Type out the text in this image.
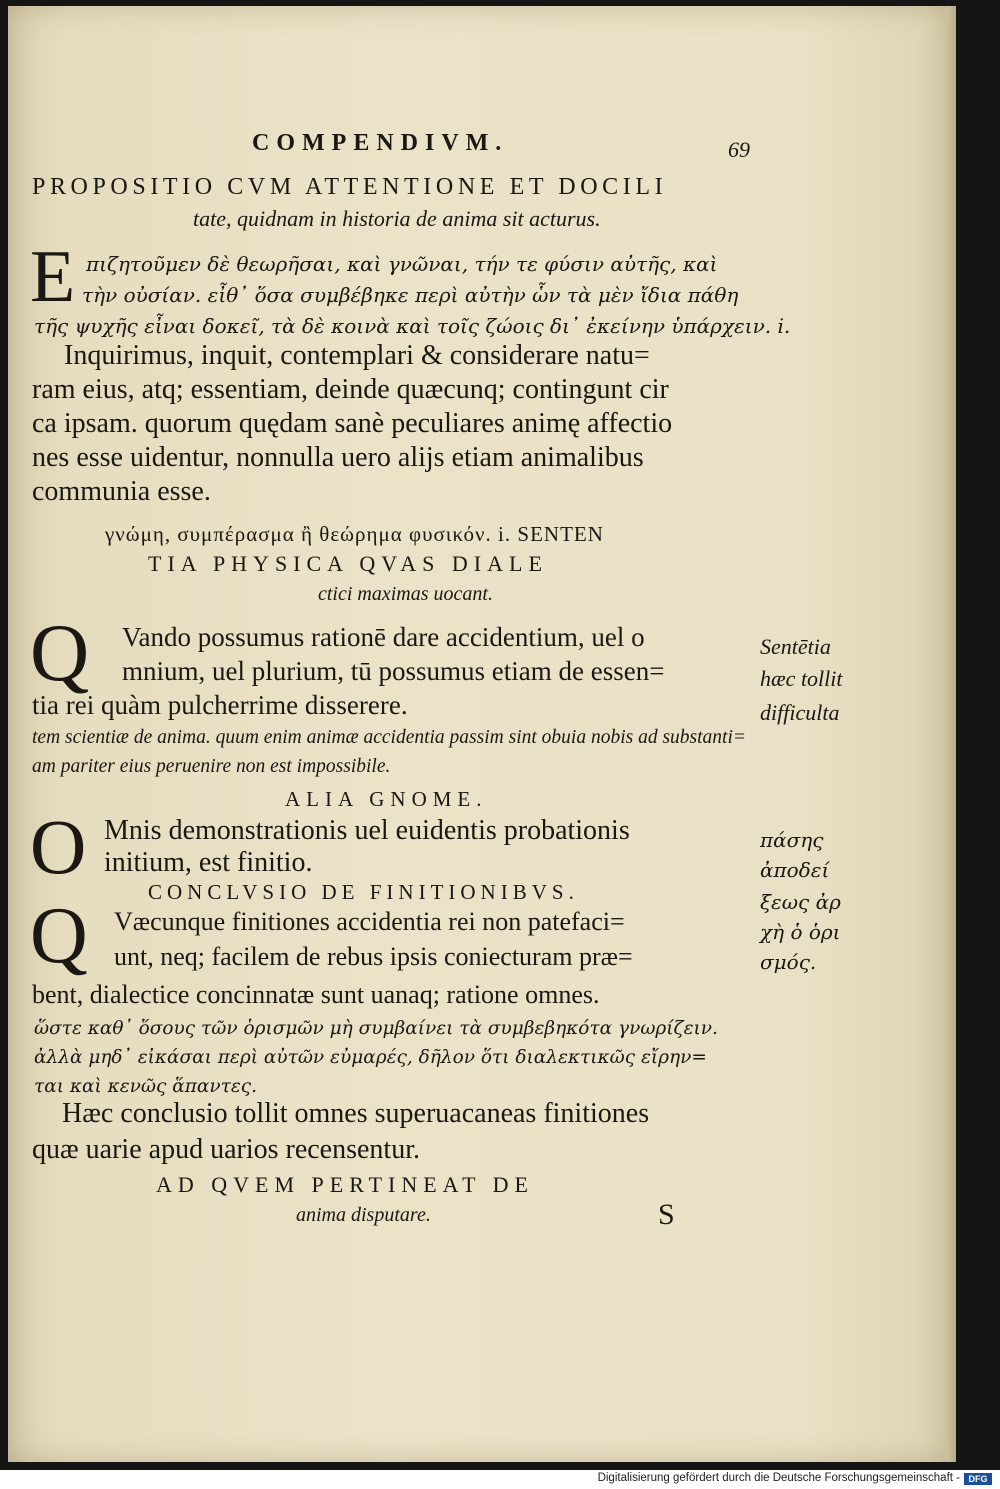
COMPENDIVM.	69
PROPOSITIO CVM ATTENTIONE ET DOCILI
tate, quidnam in historia de anima sit acturus.
E πιζητοῦμεν δὲ θεωρῆσαι, καὶ γνῶναι, τήν τε φύσιν αὐτῆς, καὶ
τὴν οὐσίαν. εἶθ᾽ ὅσα συμβέβηκε περὶ αὐτὴν ὧν τὰ μὲν ἴδια πάθη
τῆς ψυχῆς εἶναι δοκεῖ, τὰ δὲ κοινὰ καὶ τοῖς ζώοις δι᾽ ἐκείνην ὑπάρχειν. i.
Inquirimus, inquit, contemplari & considerare natu=
ram eius, atq; essentiam, deinde quæcunq; contingunt cir
ca ipsam. quorum quędam sanè peculiares animę affectio
nes esse uidentur, nonnulla uero alijs etiam animalibus
communia esse.
γνώμη, συμπέρασμα ἢ θεώρημα φυσικόν. i. SENTEN
TIA PHYSICA QVAS DIALE
ctici maximas uocant.
Q Vando possumus rationē dare accidentium, uel o
mnium, uel plurium, tū possumus etiam de essen=
tia rei quàm pulcherrime disserere.
tem scientiæ de anima. quum enim animæ accidentia passim sint obuia nobis ad substanti=
am pariter eius peruenire non est impossibile.
Sentētia
hæc tollit
difficulta
ALIA GNOME.
O Mnis demonstrationis uel euidentis probationis
initium, est finitio.
πάσης
ἀποδεί
ξεως ἀρ
χὴ ὁ ὁρι
σμός.
CONCLVSIO DE FINITIONIBVS.
Q Væcunque finitiones accidentia rei non patefaci=
unt, neq; facilem de rebus ipsis coniecturam præ=
bent, dialectice concinnatæ sunt uanaq; ratione omnes.
ὥστε καθ᾽ ὅσους τῶν ὁρισμῶν μὴ συμβαίνει τὰ συμβεβηκότα γνωρίζειν.
ἀλλὰ μηδ᾽ εἰκάσαι περὶ αὐτῶν εὐμαρές, δῆλον ὅτι διαλεκτικῶς εἴρην=
ται καὶ κενῶς ἅπαντες.
Hæc conclusio tollit omnes superuacaneas finitiones
quæ uarie apud uarios recensentur.
AD QVEM PERTINEAT DE
anima disputare.	S
Digitalisierung gefördert durch die Deutsche Forschungsgemeinschaft - DFG
